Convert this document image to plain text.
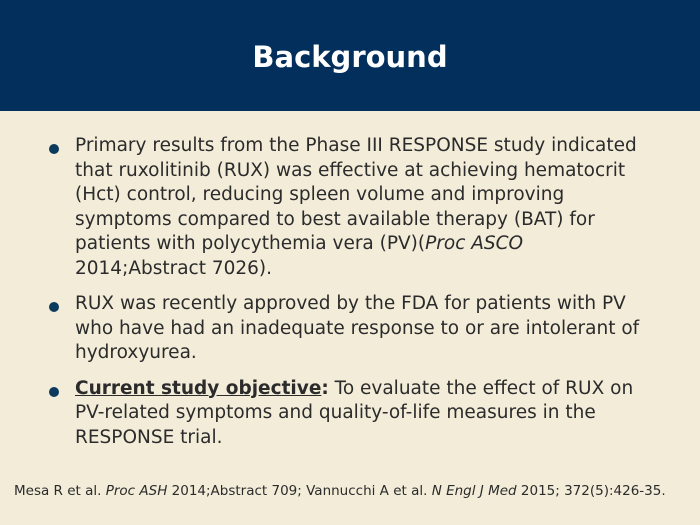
Background
Primary results from the Phase III RESPONSE study indicated that ruxolitinib (RUX) was effective at achieving hematocrit (Hct) control, reducing spleen volume and improving symptoms compared to best available therapy (BAT) for patients with polycythemia vera (PV)(Proc ASCO 2014;Abstract 7026).
RUX was recently approved by the FDA for patients with PV who have had an inadequate response to or are intolerant of hydroxyurea.
Current study objective: To evaluate the effect of RUX on PV-related symptoms and quality-of-life measures in the RESPONSE trial.
Mesa R et al. Proc ASH 2014;Abstract 709; Vannucchi A et al. N Engl J Med 2015; 372(5):426-35.
